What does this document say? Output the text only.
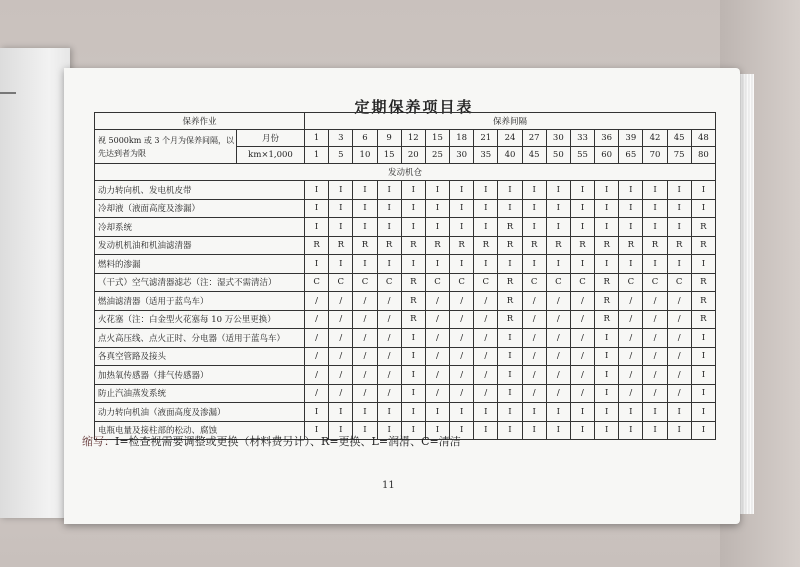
定期保养项目表
保养作业		保养间隔																
视 5000km 或 3 个月为保养间隔，以先达到者为限	月份	1	3	6	9	12	15	18	21	24	27	30	33	36	39	42	45	48
	km×1,000	1	5	10	15	20	25	30	35	40	45	50	55	60	65	70	75	80
发动机仓																		
动力转向机、发电机皮带		I	I	I	I	I	I	I	I	I	I	I	I	I	I	I	I	I
冷却液（液面高度及渗漏）		I	I	I	I	I	I	I	I	I	I	I	I	I	I	I	I	I
冷却系统		I	I	I	I	I	I	I	I	R	I	I	I	I	I	I	I	R
发动机机油和机油滤清器		R	R	R	R	R	R	R	R	R	R	R	R	R	R	R	R	R
燃料的渗漏		I	I	I	I	I	I	I	I	I	I	I	I	I	I	I	I	I
（干式）空气滤清器滤芯（注：湿式不需清洁）		C	C	C	C	R	C	C	C	R	C	C	C	R	C	C	C	R
燃油滤清器（适用于蓝鸟车）		/	/	/	/	R	/	/	/	R	/	/	/	R	/	/	/	R
火花塞（注：白金型火花塞每 10 万公里更换）		/	/	/	/	R	/	/	/	R	/	/	/	R	/	/	/	R
点火高压线、点火正时、分电器（适用于蓝鸟车）		/	/	/	/	I	/	/	/	I	/	/	/	I	/	/	/	I
各真空管路及接头		/	/	/	/	I	/	/	/	I	/	/	/	I	/	/	/	I
加热氧传感器（排气传感器）		/	/	/	/	I	/	/	/	I	/	/	/	I	/	/	/	I
防止汽油蒸发系统		/	/	/	/	I	/	/	/	I	/	/	/	I	/	/	/	I
动力转向机油（液面高度及渗漏）		I	I	I	I	I	I	I	I	I	I	I	I	I	I	I	I	I
电瓶电量及接柱部的松动、腐蚀		I	I	I	I	I	I	I	I	I	I	I	I	I	I	I	I	I
缩写：I=检查视需要调整或更换（材料费另计）、R=更换、L=润滑、C=清洁
11
